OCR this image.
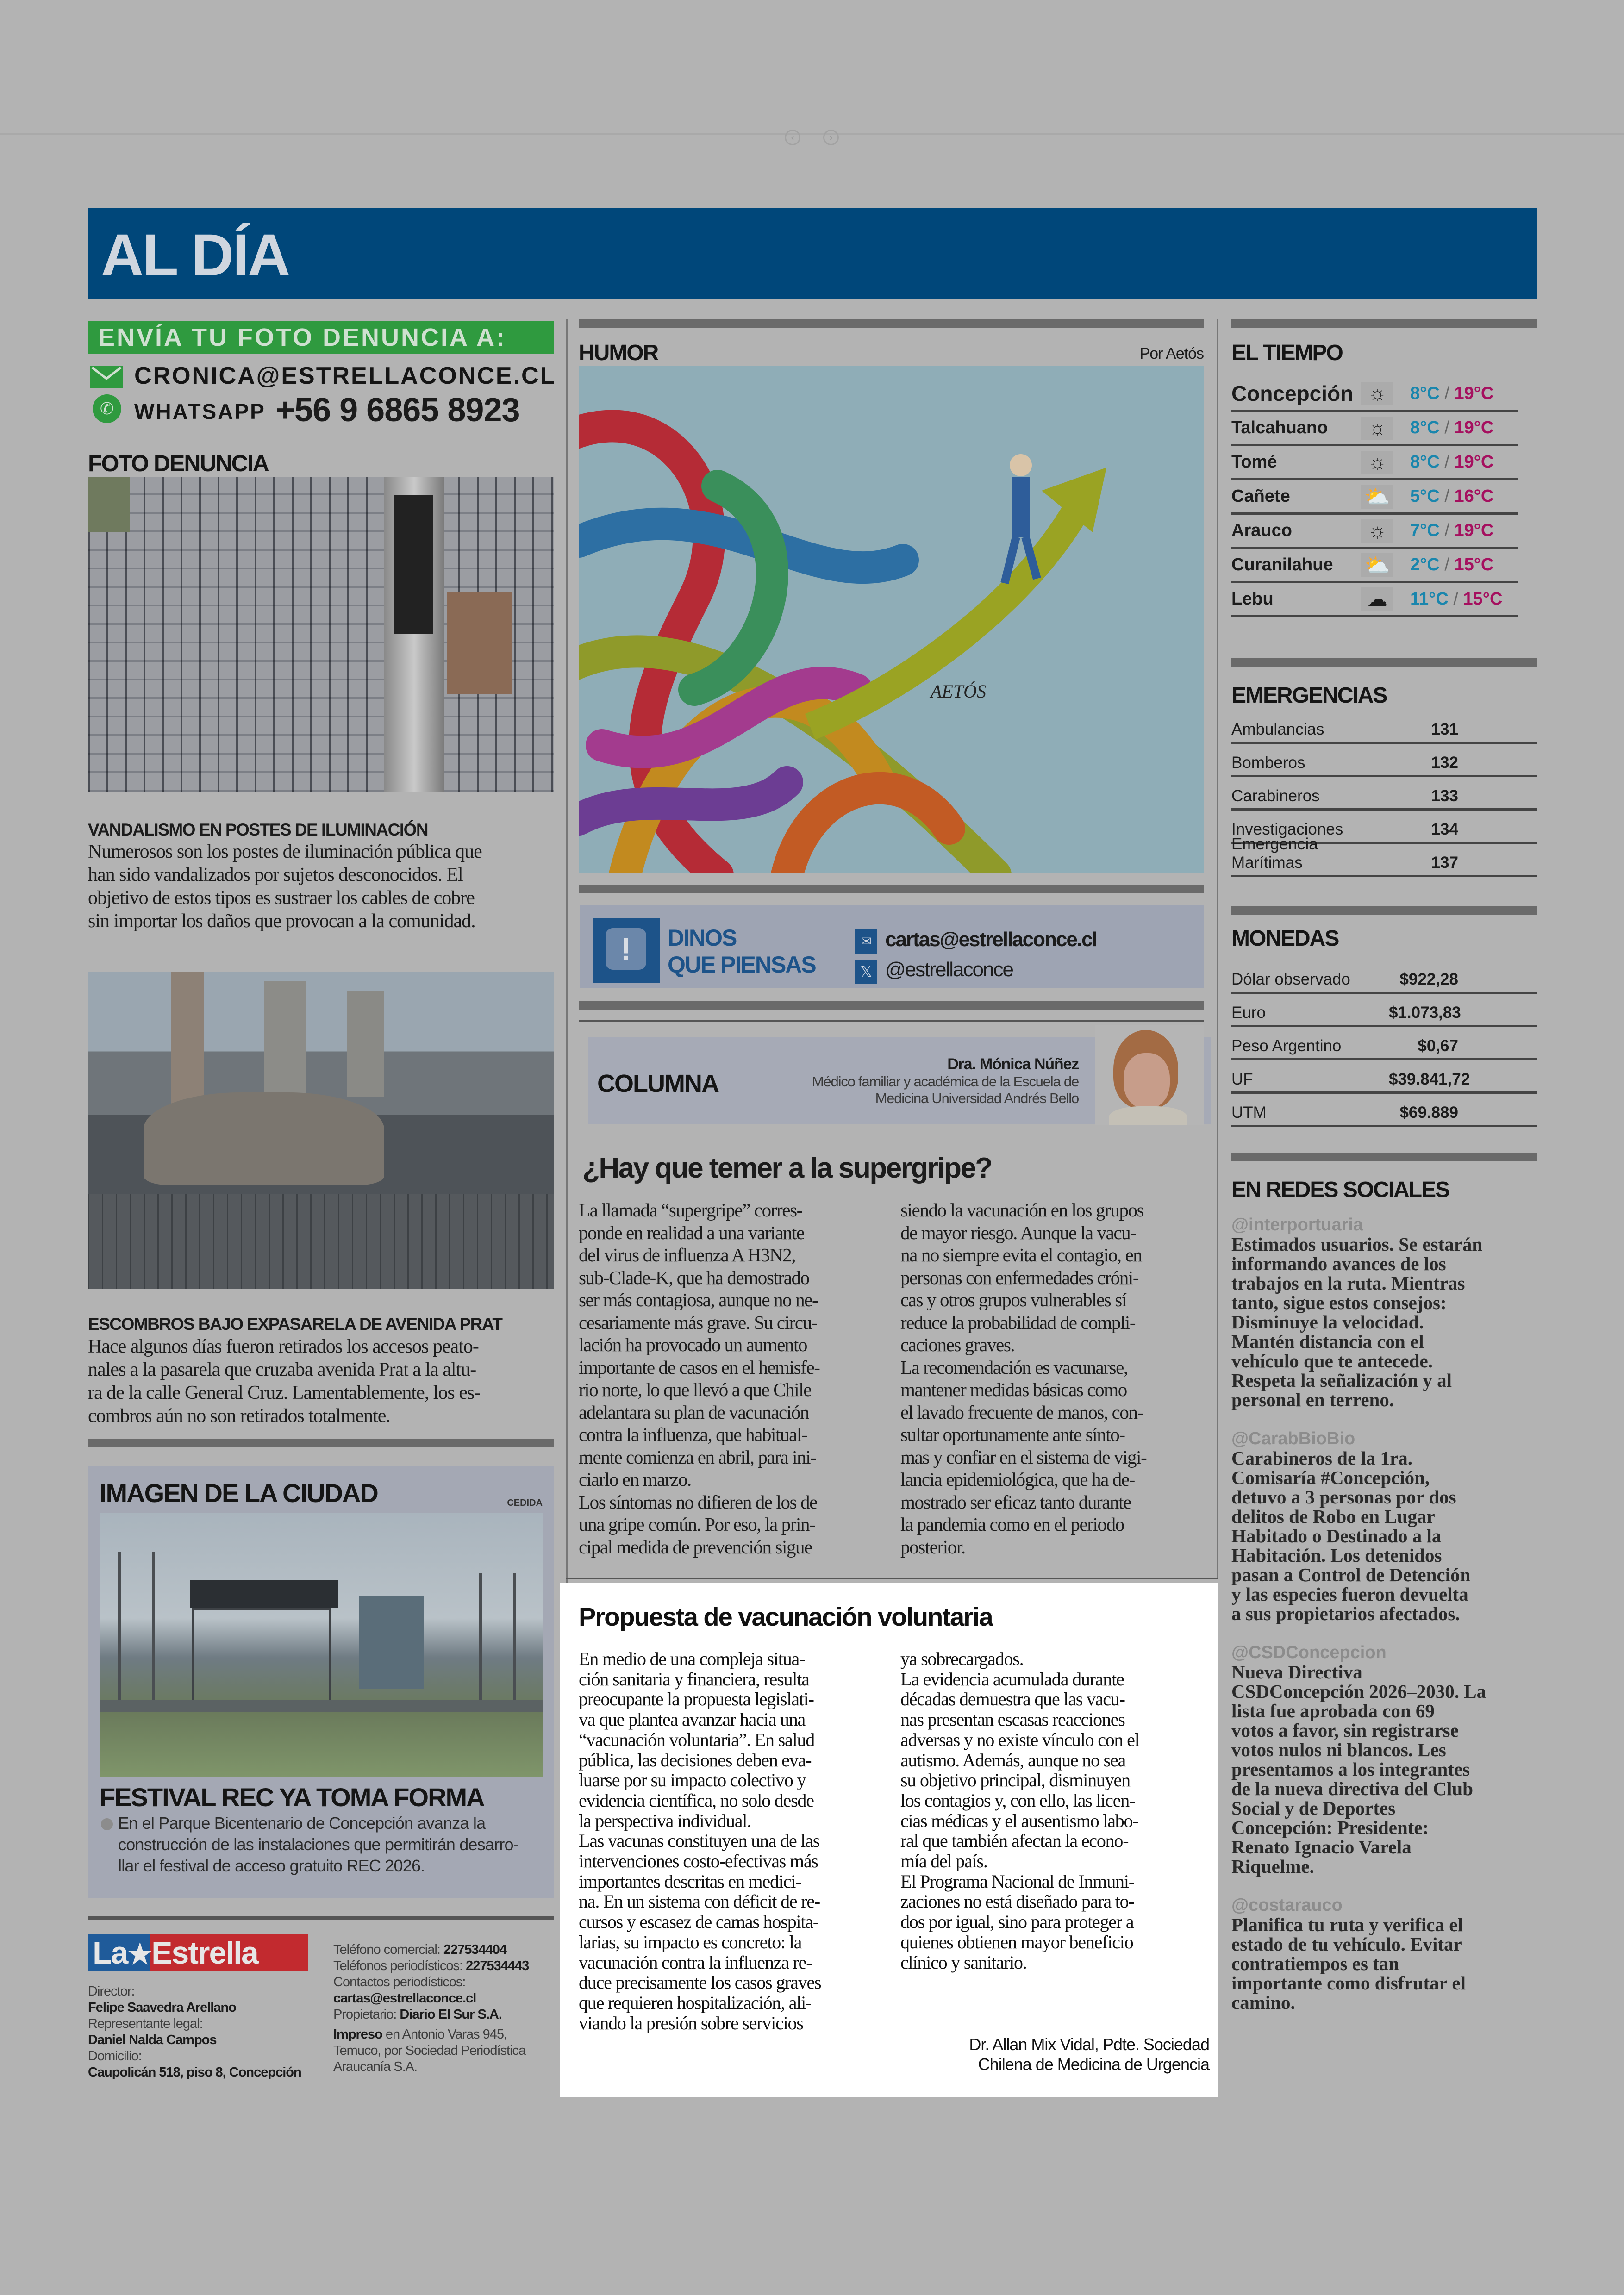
‹	›
AL DÍA
ENVÍA TU FOTO DENUNCIA A:
CRONICA@ESTRELLACONCE.CL
✆ WHATSAPP +56 9 6865 8923
FOTO DENUNCIA
VANDALISMO EN POSTES DE ILUMINACIÓN
Numerosos son los postes de iluminación pública que
han sido vandalizados por sujetos desconocidos. El
objetivo de estos tipos es sustraer los cables de cobre
sin importar los daños que provocan a la comunidad.
ESCOMBROS BAJO EXPASARELA DE AVENIDA PRAT
Hace algunos días fueron retirados los accesos peato-
nales a la pasarela que cruzaba avenida Prat a la altu-
ra de la calle General Cruz. Lamentablemente, los es-
combros aún no son retirados totalmente.
IMAGEN DE LA CIUDAD	CEDIDA
FESTIVAL REC YA TOMA FORMA
En el Parque Bicentenario de Concepción avanza la
construcción de las instalaciones que permitirán desarro-
llar el festival de acceso gratuito REC 2026.
La★Estrella
Director:
Felipe Saavedra Arellano
Representante legal:
Daniel Nalda Campos
Domicilio:
Caupolicán 518, piso 8, Concepción
Teléfono comercial: 227534404
Teléfonos periodísticos: 227534443
Contactos periodísticos:
cartas@estrellaconce.cl
Propietario: Diario El Sur S.A.
Impreso en Antonio Varas 945,
Temuco, por Sociedad Periodística
Araucanía S.A.
HUMOR	Por Aetós
AETÓS
!	DINOS
QUE PIENSAS
✉ cartas@estrellaconce.cl
𝕏 @estrellaconce
COLUMNA
Dra. Mónica Núñez
Médico familiar y académica de la Escuela de
Medicina Universidad Andrés Bello
¿Hay que temer a la supergripe?
La llamada “supergripe” corres-
ponde en realidad a una variante
del virus de influenza A H3N2,
sub-Clade-K, que ha demostrado
ser más contagiosa, aunque no ne-
cesariamente más grave. Su circu-
lación ha provocado un aumento
importante de casos en el hemisfe-
rio norte, lo que llevó a que Chile
adelantara su plan de vacunación
contra la influenza, que habitual-
mente comienza en abril, para ini-
ciarlo en marzo.
Los síntomas no difieren de los de
una gripe común. Por eso, la prin-
cipal medida de prevención sigue
siendo la vacunación en los grupos
de mayor riesgo. Aunque la vacu-
na no siempre evita el contagio, en
personas con enfermedades cróni-
cas y otros grupos vulnerables sí
reduce la probabilidad de compli-
caciones graves.
La recomendación es vacunarse,
mantener medidas básicas como
el lavado frecuente de manos, con-
sultar oportunamente ante sínto-
mas y confiar en el sistema de vigi-
lancia epidemiológica, que ha de-
mostrado ser eficaz tanto durante
la pandemia como en el periodo
posterior.
Propuesta de vacunación voluntaria
En medio de una compleja situa-
ción sanitaria y financiera, resulta
preocupante la propuesta legislati-
va que plantea avanzar hacia una
“vacunación voluntaria”. En salud
pública, las decisiones deben eva-
luarse por su impacto colectivo y
evidencia científica, no solo desde
la perspectiva individual.
Las vacunas constituyen una de las
intervenciones costo-efectivas más
importantes descritas en medici-
na. En un sistema con déficit de re-
cursos y escasez de camas hospita-
larias, su impacto es concreto: la
vacunación contra la influenza re-
duce precisamente los casos graves
que requieren hospitalización, ali-
viando la presión sobre servicios
ya sobrecargados.
La evidencia acumulada durante
décadas demuestra que las vacu-
nas presentan escasas reacciones
adversas y no existe vínculo con el
autismo. Además, aunque no sea
su objetivo principal, disminuyen
los contagios y, con ello, las licen-
cias médicas y el ausentismo labo-
ral que también afectan la econo-
mía del país.
El Programa Nacional de Inmuni-
zaciones no está diseñado para to-
dos por igual, sino para proteger a
quienes obtienen mayor beneficio
clínico y sanitario.
Dr. Allan Mix Vidal, Pdte. Sociedad
Chilena de Medicina de Urgencia
EL TIEMPO
Concepción ☼	8°C / 19°C
Talcahuano	☼	8°C / 19°C
Tomé	☼	8°C / 19°C
Cañete	⛅	5°C / 16°C
Arauco	☼	7°C / 19°C
Curanilahue	⛅	2°C / 15°C
Lebu	☁	11°C / 15°C
EMERGENCIAS
Ambulancias	131
Bomberos	132
Carabineros	133
Investigaciones	134
Emergencia Marítimas	137
MONEDAS
Dólar observado	$922,28
Euro	$1.073,83
Peso Argentino	$0,67
UF	$39.841,72
UTM	$69.889
EN REDES SOCIALES
@interportuaria
Estimados usuarios. Se estarán
informando avances de los
trabajos en la ruta. Mientras
tanto, sigue estos consejos:
Disminuye la velocidad.
Mantén distancia con el
vehículo que te antecede.
Respeta la señalización y al
personal en terreno.
@CarabBioBio
Carabineros de la 1ra.
Comisaría #Concepción,
detuvo a 3 personas por dos
delitos de Robo en Lugar
Habitado o Destinado a la
Habitación. Los detenidos
pasan a Control de Detención
y las especies fueron devuelta
a sus propietarios afectados.
@CSDConcepcion
Nueva Directiva
CSDConcepción 2026–2030. La
lista fue aprobada con 69
votos a favor, sin registrarse
votos nulos ni blancos. Les
presentamos a los integrantes
de la nueva directiva del Club
Social y de Deportes
Concepción: Presidente:
Renato Ignacio Varela
Riquelme.
@costarauco
Planifica tu ruta y verifica el
estado de tu vehículo. Evitar
contratiempos es tan
importante como disfrutar el
camino.
